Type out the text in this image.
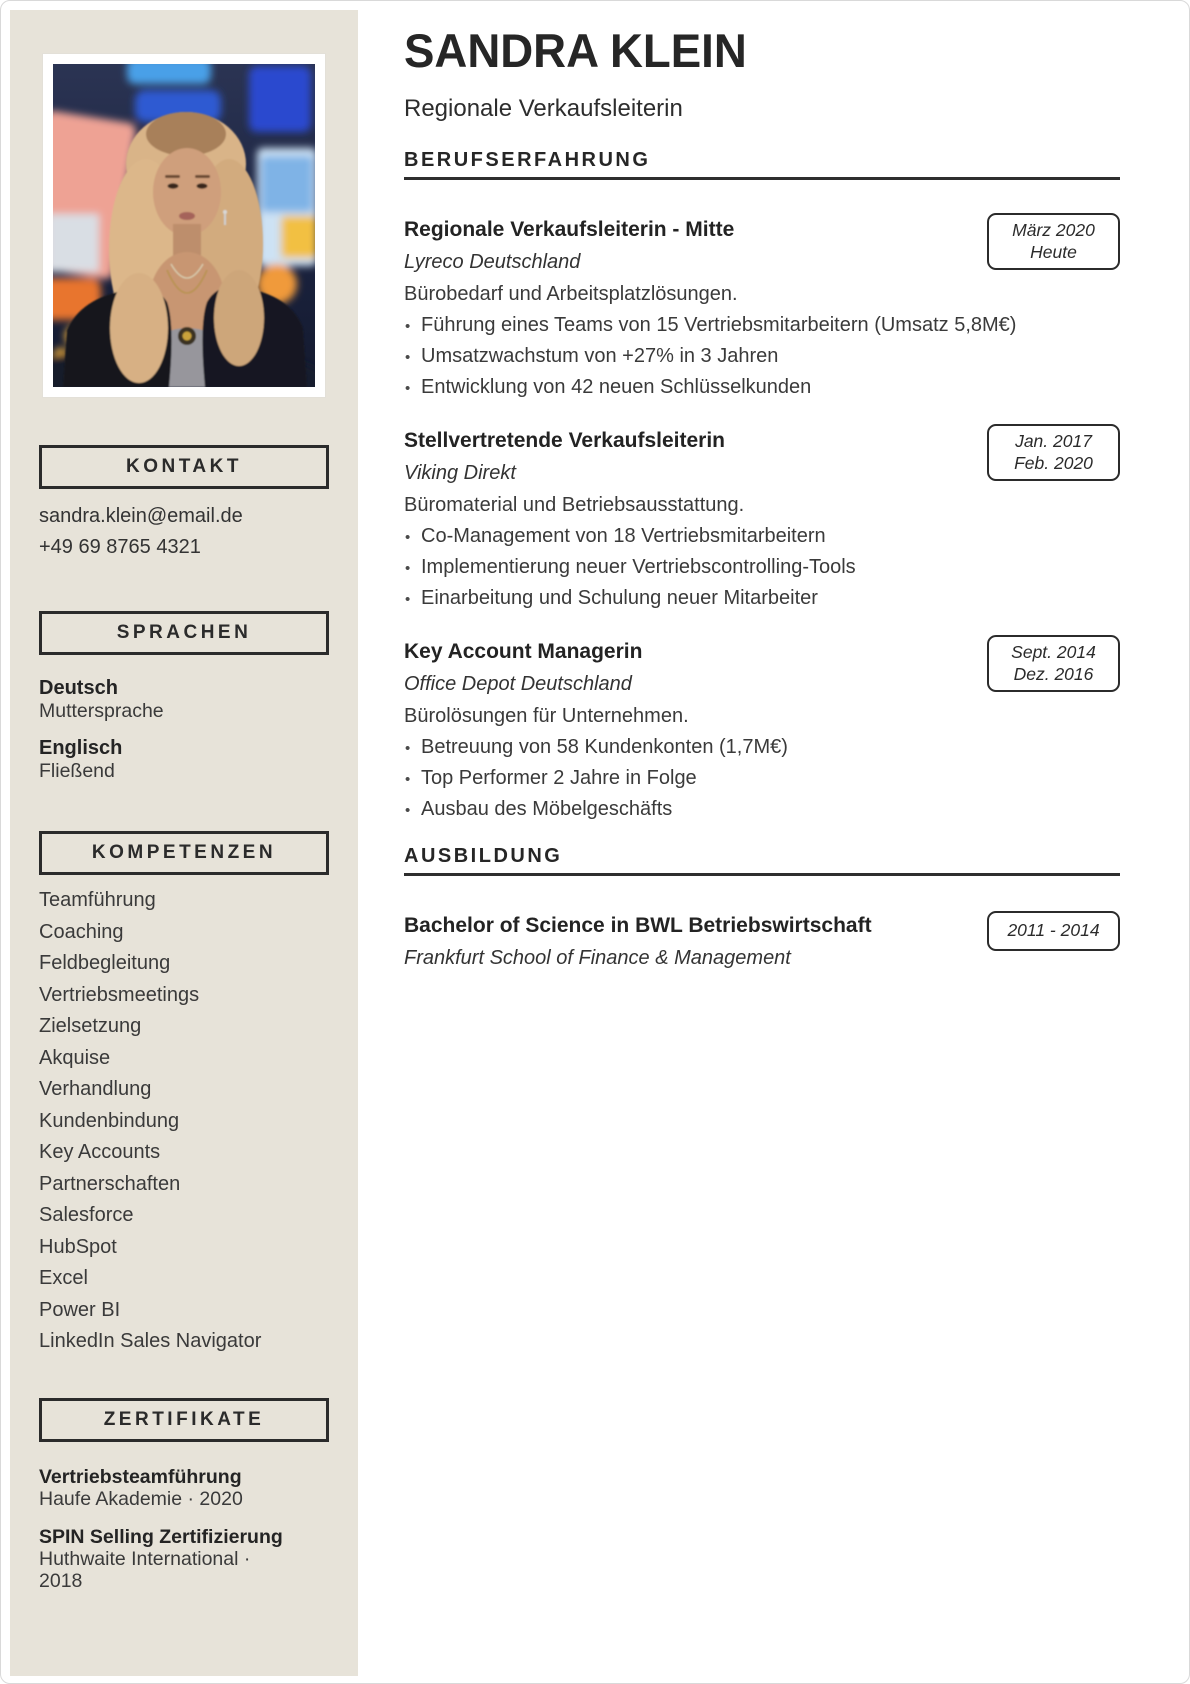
KONTAKT
sandra.klein@email.de
+49 69 8765 4321
SPRACHEN
Deutsch
Muttersprache
Englisch
Fließend
KOMPETENZEN
Teamführung
Coaching
Feldbegleitung
Vertriebsmeetings
Zielsetzung
Akquise
Verhandlung
Kundenbindung
Key Accounts
Partnerschaften
Salesforce
HubSpot
Excel
Power BI
LinkedIn Sales Navigator
ZERTIFIKATE
Vertriebsteamführung
Haufe Akademie · 2020
SPIN Selling Zertifizierung
Huthwaite International · 2018
SANDRA KLEIN
Regionale Verkaufsleiterin
BERUFSERFAHRUNG
März 2020
Heute
Regionale Verkaufsleiterin - Mitte
Lyreco Deutschland
Bürobedarf und Arbeitsplatzlösungen.
• Führung eines Teams von 15 Vertriebsmitarbeitern (Umsatz 5,8M€)
• Umsatzwachstum von +27% in 3 Jahren
• Entwicklung von 42 neuen Schlüsselkunden
Jan. 2017
Feb. 2020
Stellvertretende Verkaufsleiterin
Viking Direkt
Büromaterial und Betriebsausstattung.
• Co-Management von 18 Vertriebsmitarbeitern
• Implementierung neuer Vertriebscontrolling-Tools
• Einarbeitung und Schulung neuer Mitarbeiter
Sept. 2014
Dez. 2016
Key Account Managerin
Office Depot Deutschland
Bürolösungen für Unternehmen.
• Betreuung von 58 Kundenkonten (1,7M€)
• Top Performer 2 Jahre in Folge
• Ausbau des Möbelgeschäfts
AUSBILDUNG
2011 - 2014
Bachelor of Science in BWL Betriebswirtschaft
Frankfurt School of Finance & Management
